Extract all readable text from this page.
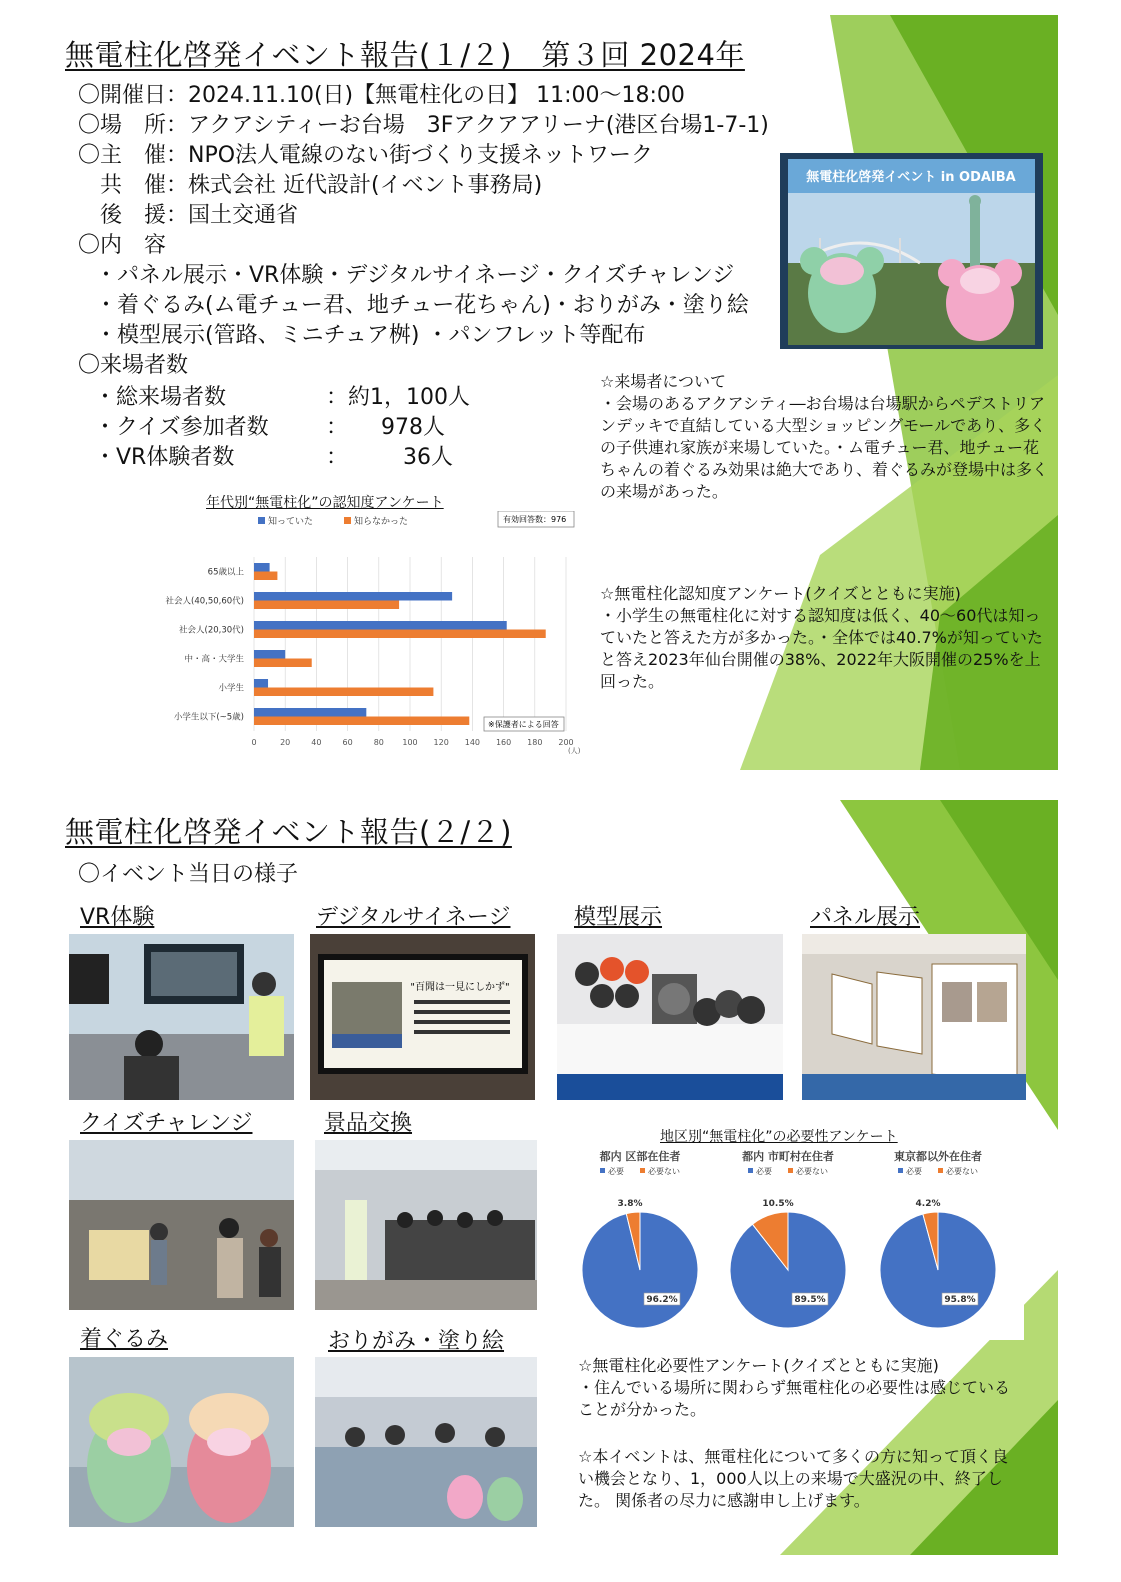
無電柱化啓発イベント報告(１/２)　第３回 2024年
〇開催日：2024.11.10(日)【無電柱化の日】 11:00～18:00
〇場　所：アクアシティーお台場　3Fアクアアリーナ(港区台場1-7-1)
〇主　催：NPO法人電線のない街づくり支援ネットワーク
　共　催：株式会社 近代設計(イベント事務局)
　後　援：国土交通省
〇内　容
・パネル展示・VR体験・デジタルサイネージ・クイズチャレンジ
・着ぐるみ(ム電チュー君、地チュー花ちゃん)・おりがみ・塗り絵
・模型展示(管路、ミニチュア桝) ・パンフレット等配布
〇来場者数
・総来場者数	：約1，100人
・クイズ参加者数	：　　978人
・VR体験者数	：　　　36人
無電柱化啓発イベント in ODAIBA
☆来場者について
・会場のあるアクアシティ―お台場は台場駅からペデストリアンデッキで直結している大型ショッピングモールであり、多くの子供連れ家族が来場していた。・ム電チュー君、地チュー花ちゃんの着ぐるみ効果は絶大であり、着ぐるみが登場中は多くの来場があった。
☆無電柱化認知度アンケート(クイズとともに実施)
・小学生の無電柱化に対する認知度は低く、40～60代は知っていたと答えた方が多かった。・全体では40.7%が知っていたと答え2023年仙台開催の38%、2022年大阪開催の25%を上回った。
年代別“無電柱化”の認知度アンケート
知っていた	知らなかった	有効回答数：976
0	20	40	60	80 100 120 140 160 180 200
(人)
65歳以上
社会人(40,50,60代)
社会人(20,30代)
中・高・大学生
小学生
小学生以下(~5歳)
※保護者による回答
無電柱化啓発イベント報告(２/２)
〇イベント当日の様子
VR体験	デジタルサイネージ	模型展示	パネル展示
クイズチャレンジ	景品交換
着ぐるみ	おりがみ・塗り絵
"百聞は一見にしかず"
地区別“無電柱化”の必要性アンケート
都内 区部在住者
必要	必要ない
96.2%
3.8%
都内 市町村在住者
必要	必要ない
89.5%
10.5%
東京都以外在住者
必要	必要ない
95.8%
4.2%
☆無電柱化必要性アンケート(クイズとともに実施)
・住んでいる場所に関わらず無電柱化の必要性は感じていることが分かった。
☆本イベントは、無電柱化について多くの方に知って頂く良い機会となり、1，000人以上の来場で大盛況の中、終了した。 関係者の尽力に感謝申し上げます。
